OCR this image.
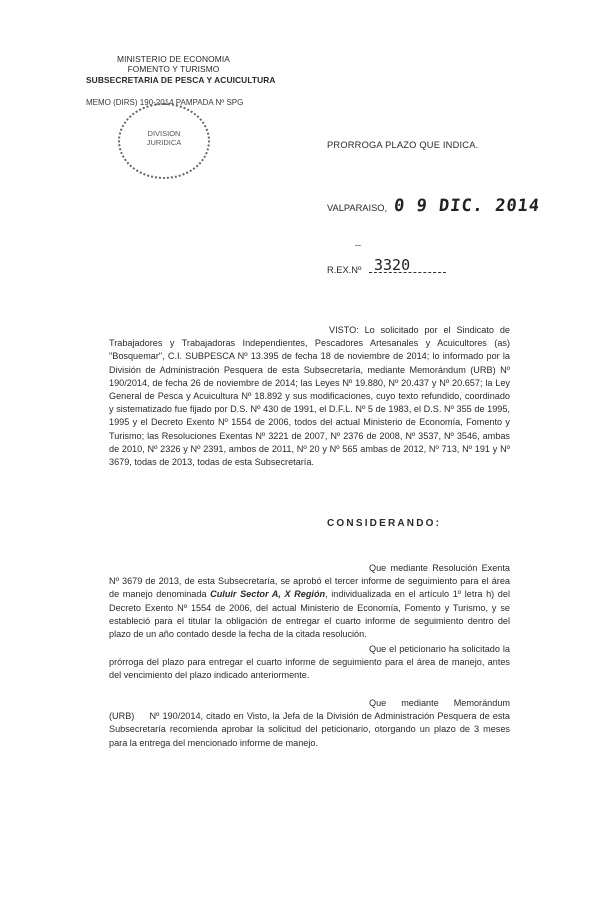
MINISTERIO DE ECONOMIA
FOMENTO Y TURISMO
SUBSECRETARIA DE PESCA Y ACUICULTURA
MEMO (DIRS) 190-2014 PAMPADA Nº SPG
DIVISION
JURIDICA	PRORROGA PLAZO QUE INDICA.
VALPARAISO, 0 9 DIC. 2014
--
R.EX.Nº 3320
VISTO: Lo solicitado por el Sindicato de Trabajadores y Trabajadoras Independientes, Pescadores Artesanales y Acuicultores (as) "Bosquemar", C.I. SUBPESCA Nº 13.395 de fecha 18 de noviembre de 2014; lo informado por la División de Administración Pesquera de esta Subsecretaría, mediante Memorándum (URB) Nº 190/2014, de fecha 26 de noviembre de 2014; las Leyes Nº 19.880, Nº 20.437 y Nº 20.657; la Ley General de Pesca y Acuicultura Nº 18.892 y sus modificaciones, cuyo texto refundido, coordinado y sistematizado fue fijado por D.S. Nº 430 de 1991, el D.F.L. Nº 5 de 1983, el D.S. Nº 355 de 1995, 1995 y el Decreto Exento Nº 1554 de 2006, todos del actual Ministerio de Economía, Fomento y Turismo; las Resoluciones Exentas Nº 3221 de 2007, Nº 2376 de 2008, Nº 3537, Nº 3546, ambas de 2010, Nº 2326 y Nº 2391, ambos de 2011, Nº 20 y Nº 565 ambas de 2012, Nº 713, Nº 191 y Nº 3679, todas de 2013, todas de esta Subsecretaría.
CONSIDERANDO:
Que mediante Resolución Exenta Nº 3679 de 2013, de esta Subsecretaría, se aprobó el tercer informe de seguimiento para el área de manejo denominada Culuir Sector A, X Región, individualizada en el artículo 1º letra h) del Decreto Exento Nº 1554 de 2006, del actual Ministerio de Economía, Fomento y Turismo, y se estableció para el titular la obligación de entregar el cuarto informe de seguimiento dentro del plazo de un año contado desde la fecha de la citada resolución.
Que el peticionario ha solicitado la prórroga del plazo para entregar el cuarto informe de seguimiento para el área de manejo, antes del vencimiento del plazo indicado anteriormente.
Que mediante Memorándum (URB) Nº 190/2014, citado en Visto, la Jefa de la División de Administración Pesquera de esta Subsecretaría recomienda aprobar la solicitud del peticionario, otorgando un plazo de 3 meses para la entrega del mencionado informe de manejo.
